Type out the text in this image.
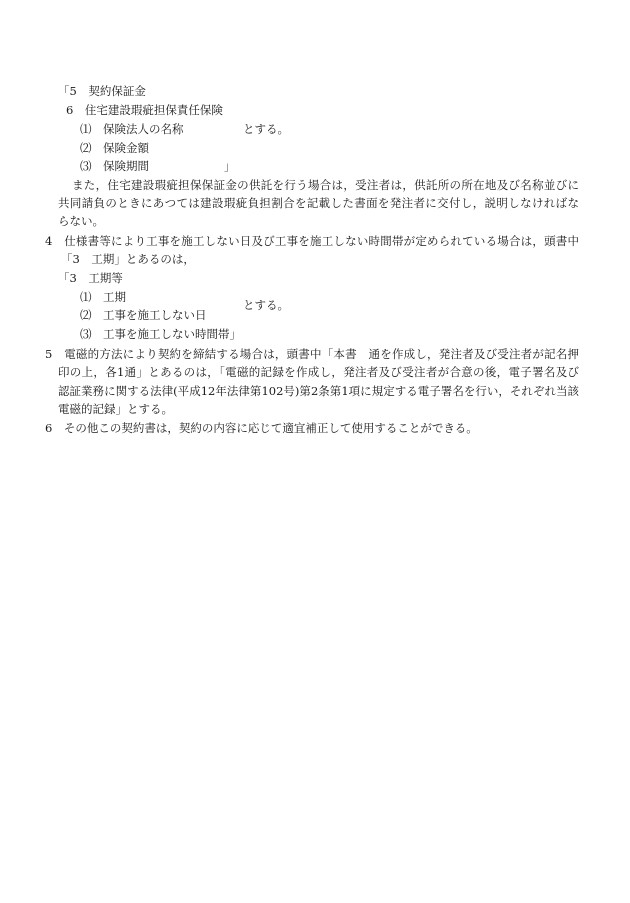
「5　契約保証金
6　住宅建設瑕疵担保責任保険
⑴　保険法人の名称	とする。
⑵　保険金額
⑶　保険期間	」
また，住宅建設瑕疵担保保証金の供託を行う場合は，受注者は，供託所の所在地及び名称並びに
共同請負のときにあつては建設瑕疵負担割合を記載した書面を発注者に交付し，説明しなければな
らない。
4　仕様書等により工事を施工しない日及び工事を施工しない時間帯が定められている場合は，頭書中
「3　工期」とあるのは，
「3　工期等
⑴　工期
とする。
⑵　工事を施工しない日
⑶　工事を施工しない時間帯」
5　電磁的方法により契約を締結する場合は，頭書中「本書　通を作成し，発注者及び受注者が記名押
印の上，各1通」とあるのは，「電磁的記録を作成し，発注者及び受注者が合意の後，電子署名及び
認証業務に関する法律(平成12年法律第102号)第2条第1項に規定する電子署名を行い，それぞれ当該
電磁的記録」とする。
6　その他この契約書は，契約の内容に応じて適宜補正して使用することができる。
